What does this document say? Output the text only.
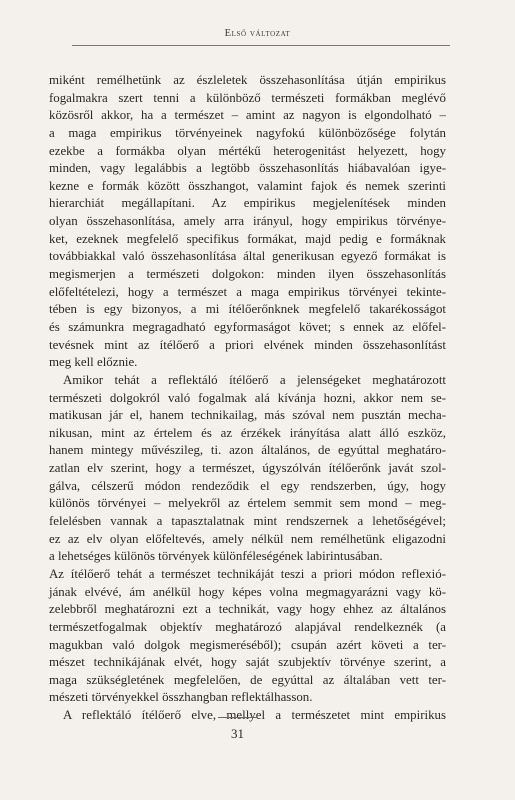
Első változat
miként remélhetünk az észleletek összehasonlítása útján empirikus
fogalmakra szert tenni a különböző természeti formákban meglévő
közösről akkor, ha a természet – amint az nagyon is elgondolható –
a maga empirikus törvényeinek nagyfokú különbözősége folytán
ezekbe a formákba olyan mértékű heterogenitást helyezett, hogy
minden, vagy legalábbis a legtöbb összehasonlítás hiábavalóan igye-
kezne e formák között összhangot, valamint fajok és nemek szerinti
hierarchiát megállapítani. Az empirikus megjelenítések minden
olyan összehasonlítása, amely arra irányul, hogy empirikus törvénye-
ket, ezeknek megfelelő specifikus formákat, majd pedig e formáknak
továbbiakkal való összehasonlítása által generikusan egyező formákat is
megismerjen a természeti dolgokon: minden ilyen összehasonlítás
előfeltételezi, hogy a természet a maga empirikus törvényei tekinte-
tében is egy bizonyos, a mi ítélőerőnknek megfelelő takarékosságot
és számunkra megragadható egyformaságot követ; s ennek az előfel-
tevésnek mint az ítélőerő a priori elvének minden összehasonlítást
meg kell előznie.
Amikor tehát a reflektáló ítélőerő a jelenségeket meghatározott
természeti dolgokról való fogalmak alá kívánja hozni, akkor nem se-
matikusan jár el, hanem technikailag, más szóval nem pusztán mecha-
nikusan, mint az értelem és az érzékek irányítása alatt álló eszköz,
hanem mintegy művészileg, ti. azon általános, de egyúttal meghatáro-
zatlan elv szerint, hogy a természet, úgyszólván ítélőerőnk javát szol-
gálva, célszerű módon rendeződik el egy rendszerben, úgy, hogy
különös törvényei – melyekről az értelem semmit sem mond – meg-
felelésben vannak a tapasztalatnak mint rendszernek a lehetőségével;
ez az elv olyan előfeltevés, amely nélkül nem remélhetünk eligazodni
a lehetséges különös törvények különféleségének labirintusában.
Az ítélőerő tehát a természet technikáját teszi a priori módon reflexió-
jának elvévé, ám anélkül hogy képes volna megmagyarázni vagy kö-
zelebbről meghatározni ezt a technikát, vagy hogy ehhez az általános
természetfogalmak objektív meghatározó alapjával rendelkeznék (a
magukban való dolgok megismeréséből); csupán azért követi a ter-
mészet technikájának elvét, hogy saját szubjektív törvénye szerint, a
maga szükségletének megfelelően, de egyúttal az általában vett ter-
mészeti törvényekkel összhangban reflektálhasson.
A reflektáló ítélőerő elve, mellyel a természetet mint empirikus
31
